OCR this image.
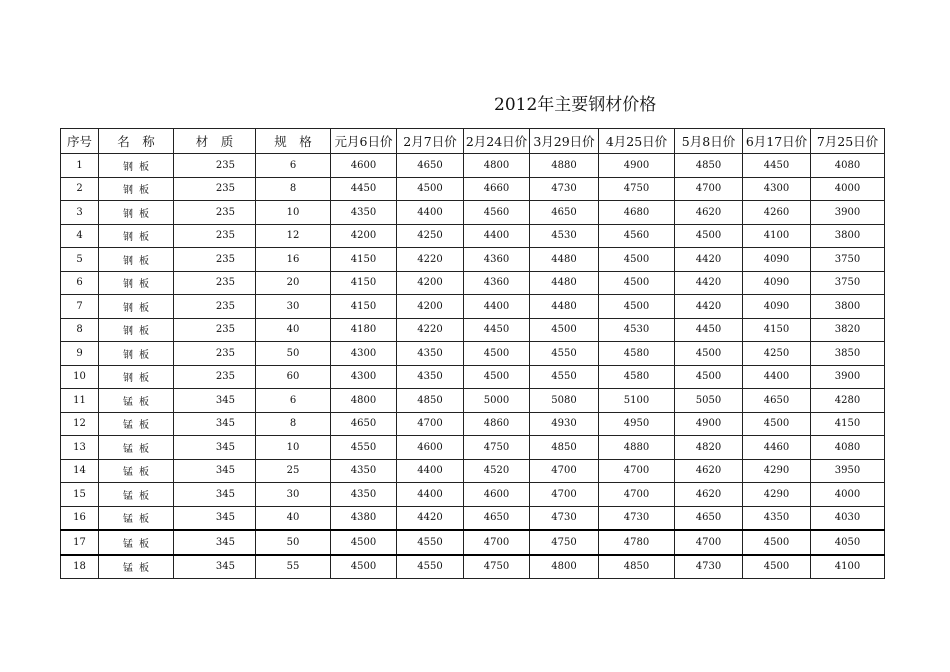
2012年主要钢材价格
序号	名　称	材　质	规　格	元月6日价	2月7日价	2月24日价	3月29日价	4月25日价	5月8日价	6月17日价	7月25日价
1	钢板	235	6	4600	4650	4800	4880	4900	4850	4450	4080
2	钢板	235	8	4450	4500	4660	4730	4750	4700	4300	4000
3	钢板	235	10	4350	4400	4560	4650	4680	4620	4260	3900
4	钢板	235	12	4200	4250	4400	4530	4560	4500	4100	3800
5	钢板	235	16	4150	4220	4360	4480	4500	4420	4090	3750
6	钢板	235	20	4150	4200	4360	4480	4500	4420	4090	3750
7	钢板	235	30	4150	4200	4400	4480	4500	4420	4090	3800
8	钢板	235	40	4180	4220	4450	4500	4530	4450	4150	3820
9	钢板	235	50	4300	4350	4500	4550	4580	4500	4250	3850
10	钢板	235	60	4300	4350	4500	4550	4580	4500	4400	3900
11	锰板	345	6	4800	4850	5000	5080	5100	5050	4650	4280
12	锰板	345	8	4650	4700	4860	4930	4950	4900	4500	4150
13	锰板	345	10	4550	4600	4750	4850	4880	4820	4460	4080
14	锰板	345	25	4350	4400	4520	4700	4700	4620	4290	3950
15	锰板	345	30	4350	4400	4600	4700	4700	4620	4290	4000
16	锰板	345	40	4380	4420	4650	4730	4730	4650	4350	4030
17	锰板	345	50	4500	4550	4700	4750	4780	4700	4500	4050
18	锰板	345	55	4500	4550	4750	4800	4850	4730	4500	4100
